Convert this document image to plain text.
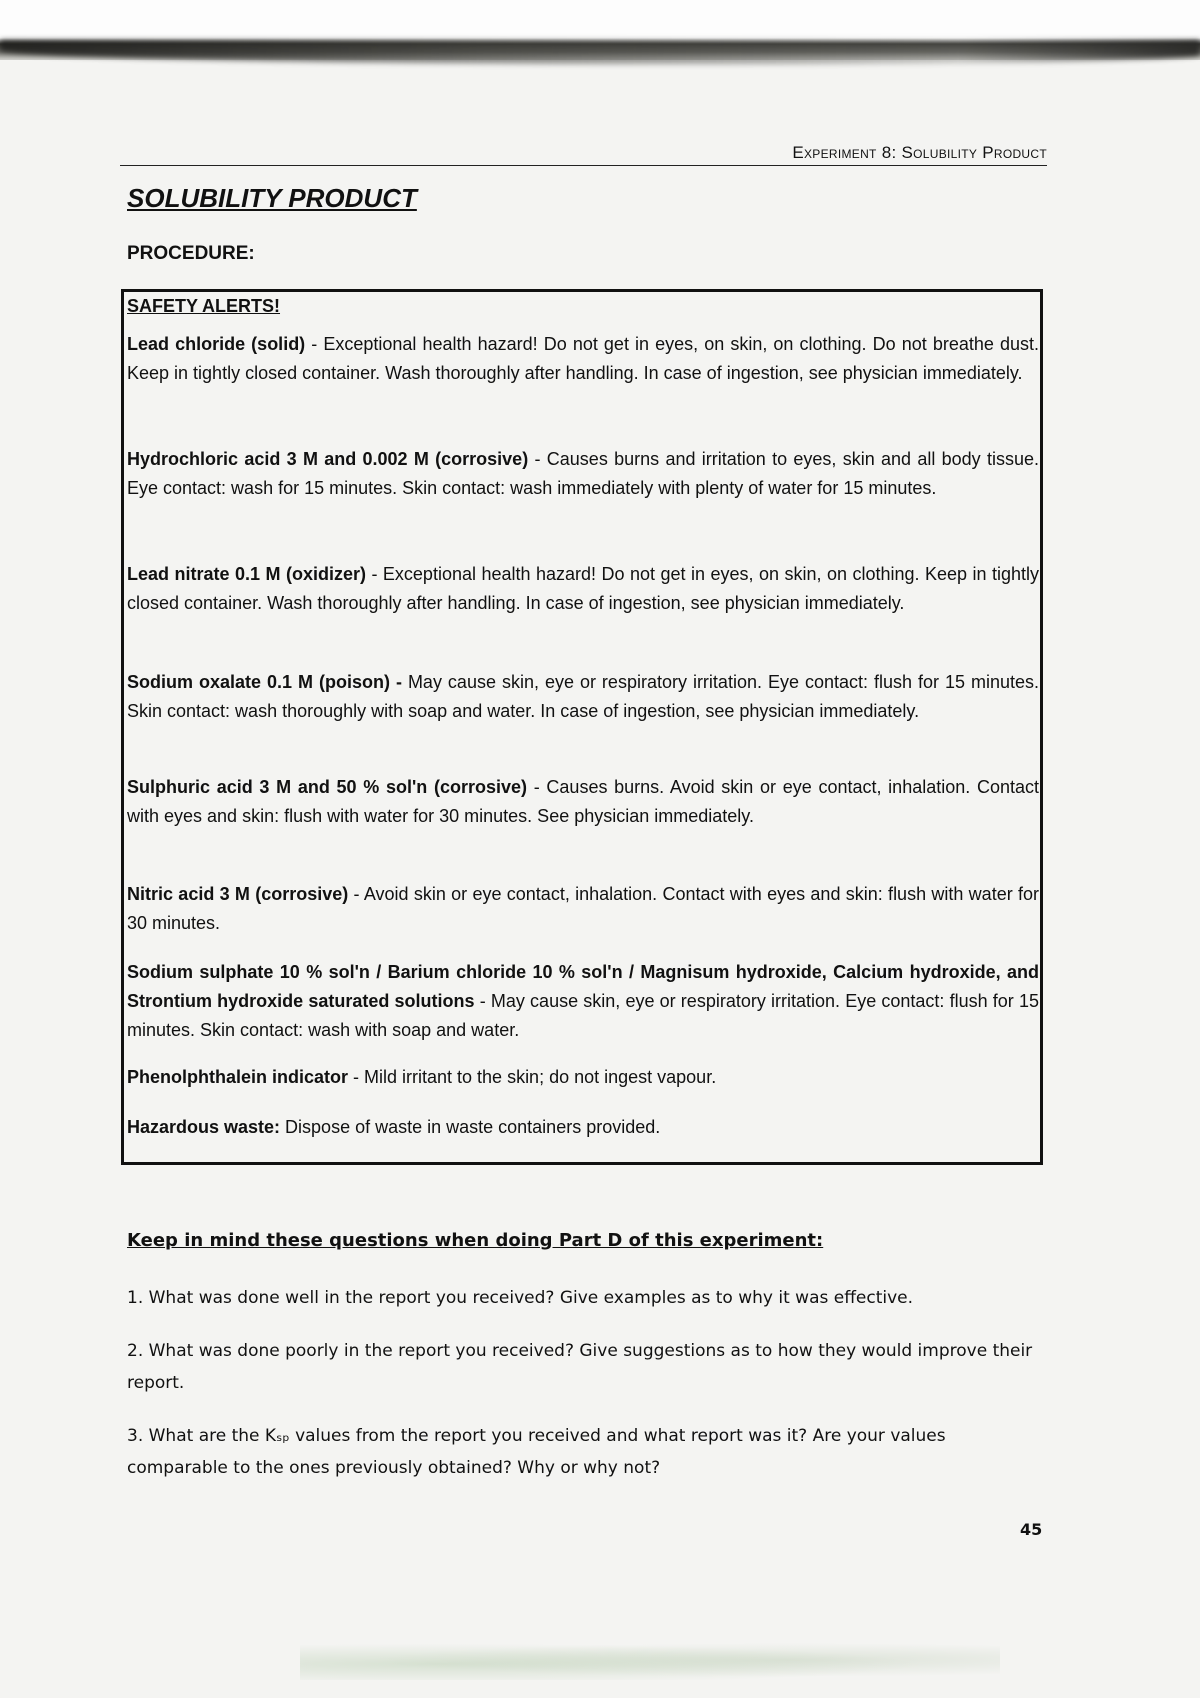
Experiment 8: Solubility Product
SOLUBILITY PRODUCT
PROCEDURE:
SAFETY ALERTS!

Lead chloride (solid) - Exceptional health hazard! Do not get in eyes, on skin, on clothing. Do not breathe dust. Keep in tightly closed container. Wash thoroughly after handling. In case of ingestion, see physician immediately.

Hydrochloric acid 3 M and 0.002 M (corrosive) - Causes burns and irritation to eyes, skin and all body tissue. Eye contact: wash for 15 minutes. Skin contact: wash immediately with plenty of water for 15 minutes.

Lead nitrate 0.1 M (oxidizer) - Exceptional health hazard! Do not get in eyes, on skin, on clothing. Keep in tightly closed container. Wash thoroughly after handling. In case of ingestion, see physician immediately.

Sodium oxalate 0.1 M (poison) - May cause skin, eye or respiratory irritation. Eye contact: flush for 15 minutes. Skin contact: wash thoroughly with soap and water. In case of ingestion, see physician immediately.

Sulphuric acid 3 M and 50 % sol'n (corrosive) - Causes burns. Avoid skin or eye contact, inhalation. Contact with eyes and skin: flush with water for 30 minutes. See physician immediately.

Nitric acid 3 M (corrosive) - Avoid skin or eye contact, inhalation. Contact with eyes and skin: flush with water for 30 minutes.

Sodium sulphate 10 % sol'n / Barium chloride 10 % sol'n / Magnisum hydroxide, Calcium hydroxide, and Strontium hydroxide saturated solutions - May cause skin, eye or respiratory irritation. Eye contact: flush for 15 minutes. Skin contact: wash with soap and water.

Phenolphthalein indicator - Mild irritant to the skin; do not ingest vapour.

Hazardous waste: Dispose of waste in waste containers provided.

Keep in mind these questions when doing Part D of this experiment:

1. What was done well in the report you received? Give examples as to why it was effective.

2. What was done poorly in the report you received? Give suggestions as to how they would improve their report.

3. What are the Kₛₚ values from the report you received and what report was it? Are your values comparable to the ones previously obtained? Why or why not?

45
